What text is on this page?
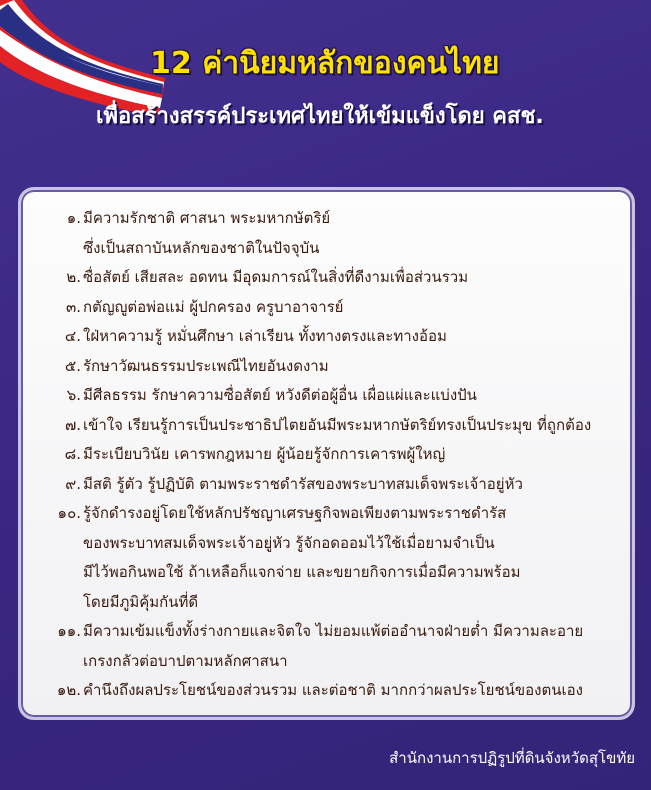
12 ค่านิยมหลักของคนไทย
เพื่อสร้างสรรค์ประเทศไทยให้เข้มแข็งโดย คสช.
๑. มีความรักชาติ ศาสนา พระมหากษัตริย์
ซึ่งเป็นสถาบันหลักของชาติในปัจจุบัน
๒. ซื่อสัตย์ เสียสละ อดทน มีอุดมการณ์ในสิ่งที่ดีงามเพื่อส่วนรวม
๓. กตัญญูต่อพ่อแม่ ผู้ปกครอง ครูบาอาจารย์
๔. ใฝ่หาความรู้ หมั่นศึกษา เล่าเรียน ทั้งทางตรงและทางอ้อม
๕. รักษาวัฒนธรรมประเพณีไทยอันงดงาม
๖. มีศีลธรรม รักษาความซื่อสัตย์ หวังดีต่อผู้อื่น เผื่อแผ่และแบ่งปัน
๗. เข้าใจ เรียนรู้การเป็นประชาธิปไตยอันมีพระมหากษัตริย์ทรงเป็นประมุข ที่ถูกต้อง
๘. มีระเบียบวินัย เคารพกฎหมาย ผู้น้อยรู้จักการเคารพผู้ใหญ่
๙. มีสติ รู้ตัว รู้ปฏิบัติ ตามพระราชดำรัสของพระบาทสมเด็จพระเจ้าอยู่หัว
๑๐. รู้จักดำรงอยู่โดยใช้หลักปรัชญาเศรษฐกิจพอเพียงตามพระราชดำรัส
ของพระบาทสมเด็จพระเจ้าอยู่หัว รู้จักอดออมไว้ใช้เมื่อยามจำเป็น
มีไว้พอกินพอใช้ ถ้าเหลือก็แจกจ่าย และขยายกิจการเมื่อมีความพร้อม
โดยมีภูมิคุ้มกันที่ดี
๑๑. มีความเข้มแข็งทั้งร่างกายและจิตใจ ไม่ยอมแพ้ต่ออำนาจฝ่ายต่ำ มีความละอาย
เกรงกลัวต่อบาปตามหลักศาสนา
๑๒. คำนึงถึงผลประโยชน์ของส่วนรวม และต่อชาติ มากกว่าผลประโยชน์ของตนเอง
สำนักงานการปฏิรูปที่ดินจังหวัดสุโขทัย
